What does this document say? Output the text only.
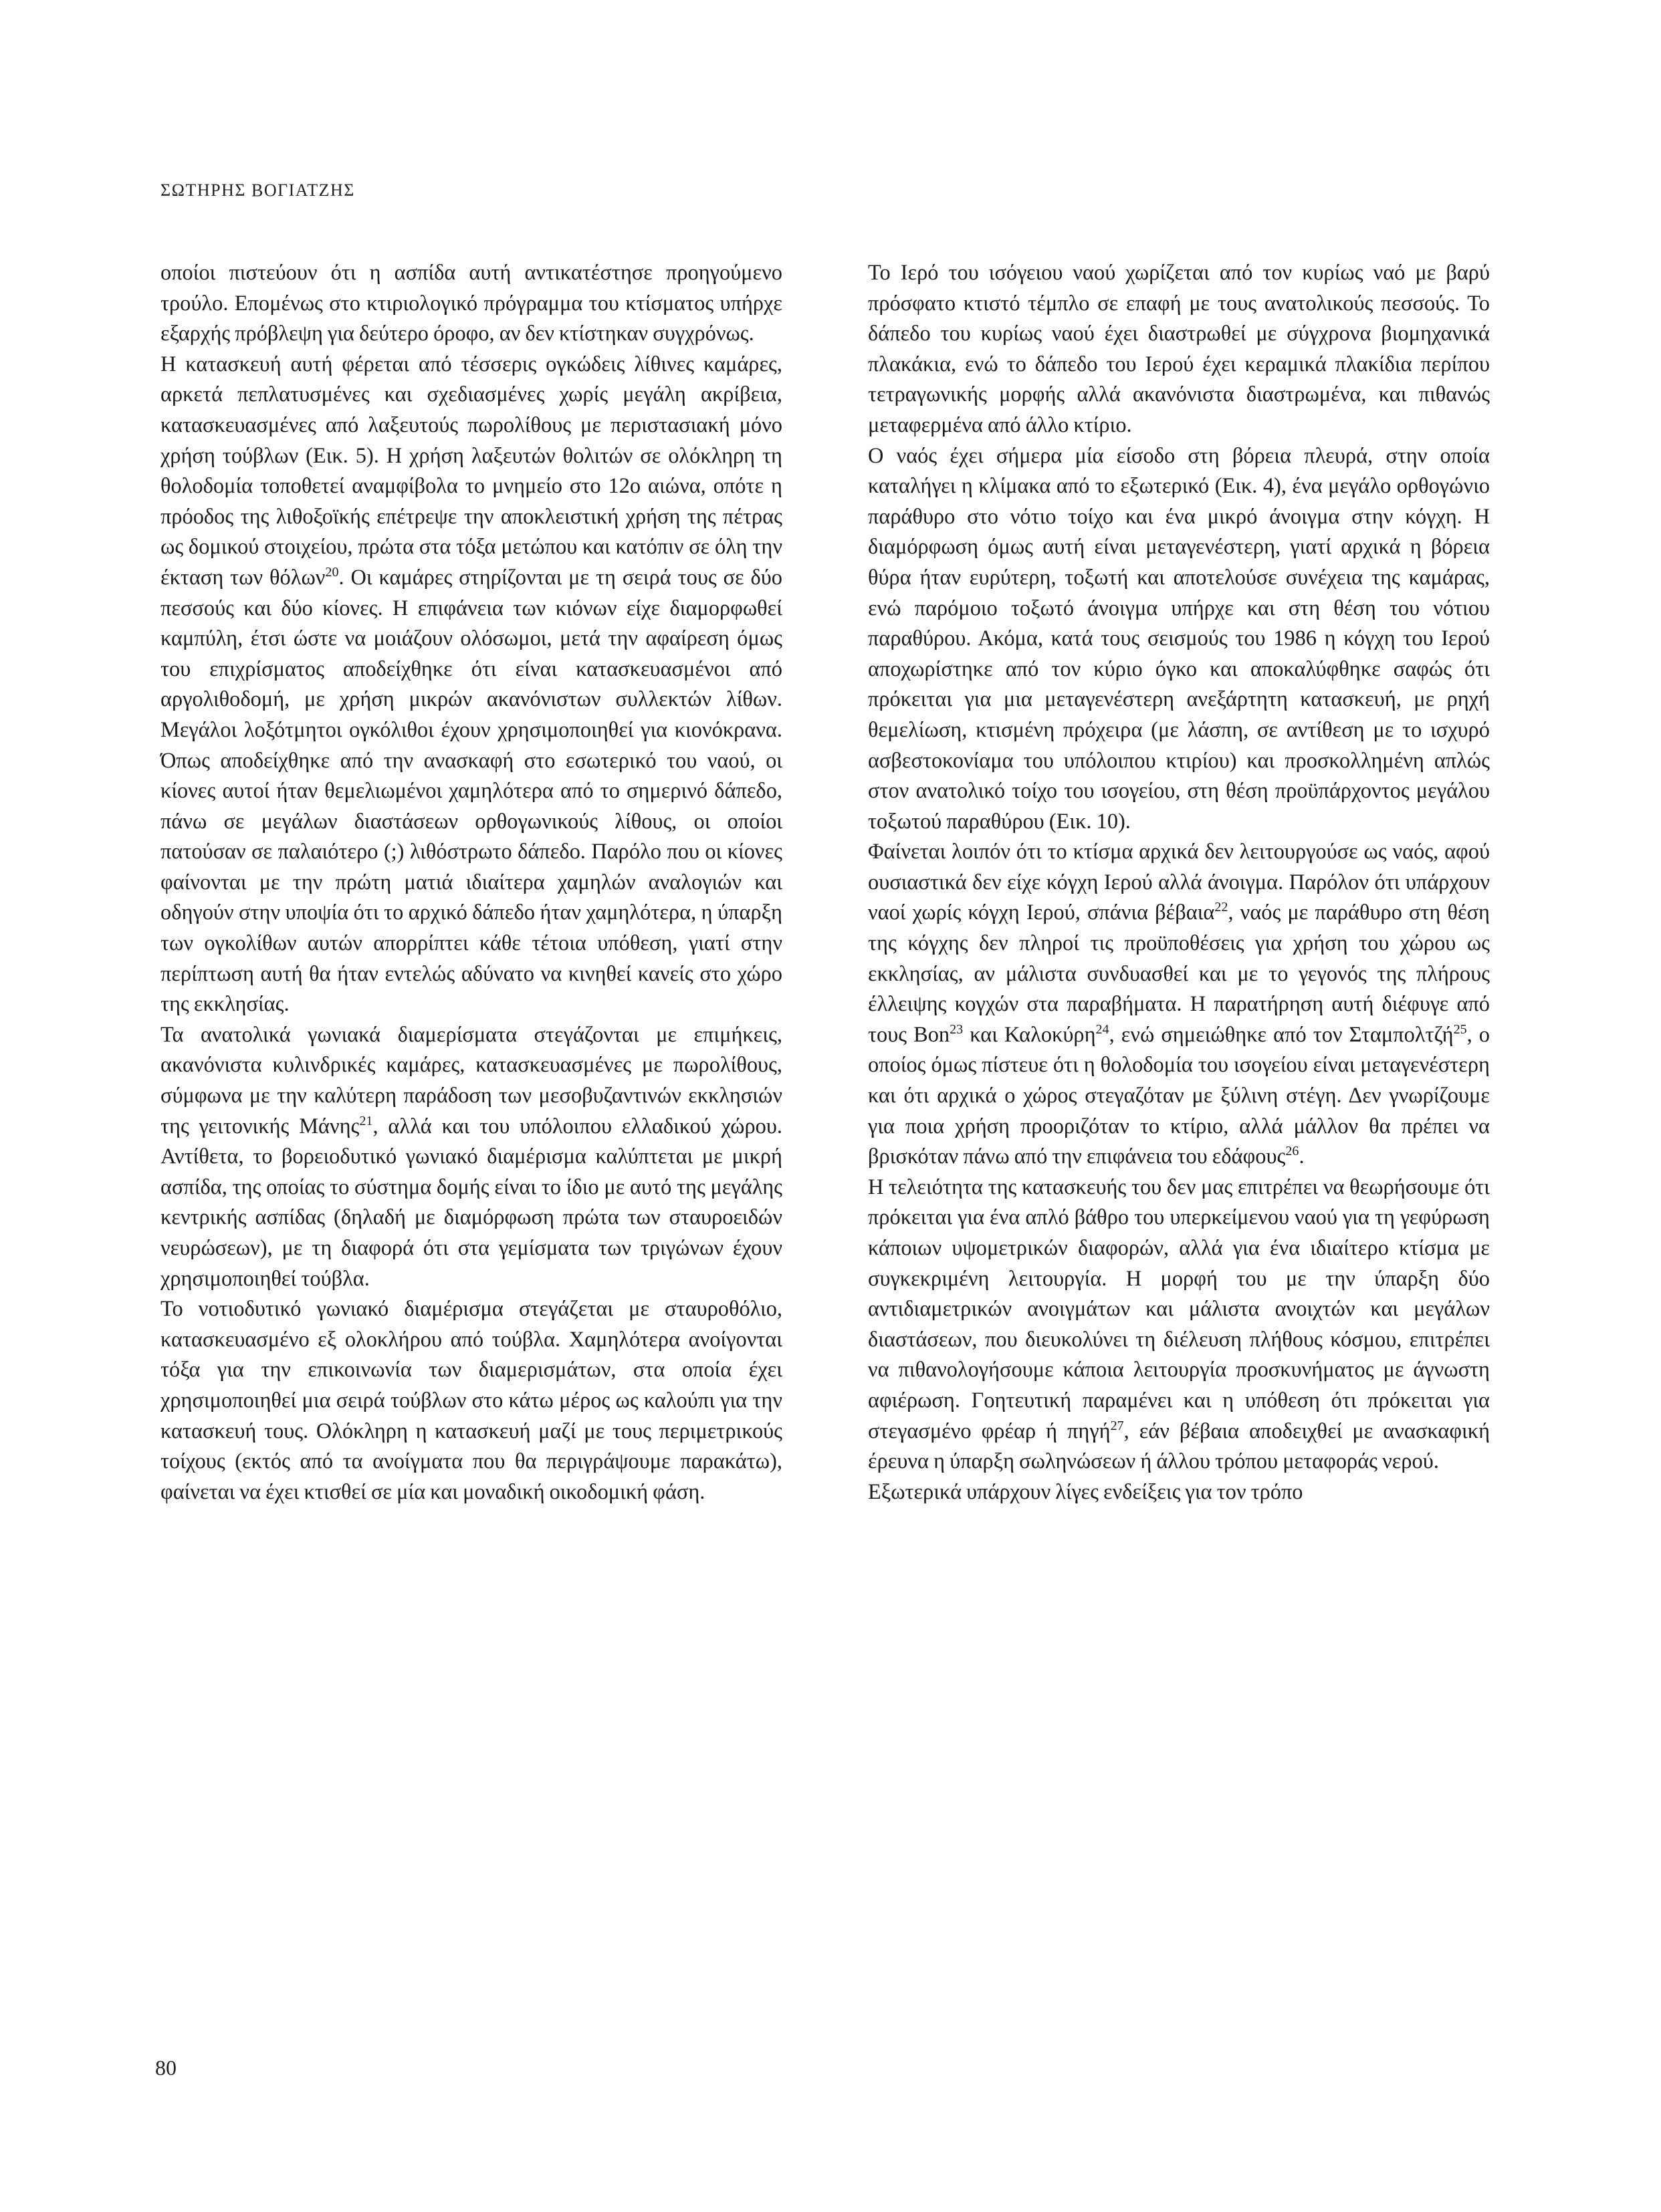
ΣΩΤΗΡΗΣ ΒΟΓΙΑΤΖΗΣ

οποίοι πιστεύουν ότι η ασπίδα αυτή αντικατέστησε προηγούμενο τρούλο. Επομένως στο κτιριολογικό πρόγραμμα του κτίσματος υπήρχε εξαρχής πρόβλεψη για δεύτερο όροφο, αν δεν κτίστηκαν συγχρόνως.

Η κατασκευή αυτή φέρεται από τέσσερις ογκώδεις λίθινες καμάρες, αρκετά πεπλατυσμένες και σχεδιασμένες χωρίς μεγάλη ακρίβεια, κατασκευασμένες από λαξευτούς πωρολίθους με περιστασιακή μόνο χρήση τούβλων (Εικ. 5). Η χρήση λαξευτών θολιτών σε ολόκληρη τη θολοδομία τοποθετεί αναμφίβολα το μνημείο στο 12ο αιώνα, οπότε η πρόοδος της λιθοξοϊκής επέτρεψε την αποκλειστική χρήση της πέτρας ως δομικού στοιχείου, πρώτα στα τόξα μετώπου και κατόπιν σε όλη την έκταση των θόλων$^{20}$. Οι καμάρες στηρίζονται με τη σειρά τους σε δύο πεσσούς και δύο κίονες. Η επιφάνεια των κιόνων είχε διαμορφωθεί καμπύλη, έτσι ώστε να μοιάζουν ολόσωμοι, μετά την αφαίρεση όμως του επιχρίσματος αποδείχθηκε ότι είναι κατασκευασμένοι από αργολιθοδομή, με χρήση μικρών ακανόνιστων συλλεκτών λίθων. Μεγάλοι λοξότμητοι ογκόλιθοι έχουν χρησιμοποιηθεί για κιονόκρανα. Όπως αποδείχθηκε από την ανασκαφή στο εσωτερικό του ναού, οι κίονες αυτοί ήταν θεμελιωμένοι χαμηλότερα από το σημερινό δάπεδο, πάνω σε μεγάλων διαστάσεων ορθογωνικούς λίθους, οι οποίοι πατούσαν σε παλαιότερο (;) λιθόστρωτο δάπεδο. Παρόλο που οι κίονες φαίνονται με την πρώτη ματιά ιδιαίτερα χαμηλών αναλογιών και οδηγούν στην υποψία ότι το αρχικό δάπεδο ήταν χαμηλότερα, η ύπαρξη των ογκολίθων αυτών απορρίπτει κάθε τέτοια υπόθεση, γιατί στην περίπτωση αυτή θα ήταν εντελώς αδύνατο να κινηθεί κανείς στο χώρο της εκκλησίας.

Τα ανατολικά γωνιακά διαμερίσματα στεγάζονται με επιμήκεις, ακανόνιστα κυλινδρικές καμάρες, κατασκευασμένες με πωρολίθους, σύμφωνα με την καλύτερη παράδοση των μεσοβυζαντινών εκκλησιών της γειτονικής Μάνης$^{21}$, αλλά και του υπόλοιπου ελλαδικού χώρου. Αντίθετα, το βορειοδυτικό γωνιακό διαμέρισμα καλύπτεται με μικρή ασπίδα, της οποίας το σύστημα δομής είναι το ίδιο με αυτό της μεγάλης κεντρικής ασπίδας (δηλαδή με διαμόρφωση πρώτα των σταυροειδών νευρώσεων), με τη διαφορά ότι στα γεμίσματα των τριγώνων έχουν χρησιμοποιηθεί τούβλα.

Το νοτιοδυτικό γωνιακό διαμέρισμα στεγάζεται με σταυροθόλιο, κατασκευασμένο εξ ολοκλήρου από τούβλα. Χαμηλότερα ανοίγονται τόξα για την επικοινωνία των διαμερισμάτων, στα οποία έχει χρησιμοποιηθεί μια σειρά τούβλων στο κάτω μέρος ως καλούπι για την κατασκευή τους. Ολόκληρη η κατασκευή μαζί με τους περιμετρικούς τοίχους (εκτός από τα ανοίγματα που θα περιγράψουμε παρακάτω), φαίνεται να έχει κτισθεί σε μία και μοναδική οικοδομική φάση.

Το Ιερό του ισόγειου ναού χωρίζεται από τον κυρίως ναό με βαρύ πρόσφατο κτιστό τέμπλο σε επαφή με τους ανατολικούς πεσσούς. Το δάπεδο του κυρίως ναού έχει διαστρωθεί με σύγχρονα βιομηχανικά πλακάκια, ενώ το δάπεδο του Ιερού έχει κεραμικά πλακίδια περίπου τετραγωνικής μορφής αλλά ακανόνιστα διαστρωμένα, και πιθανώς μεταφερμένα από άλλο κτίριο.

Ο ναός έχει σήμερα μία είσοδο στη βόρεια πλευρά, στην οποία καταλήγει η κλίμακα από το εξωτερικό (Εικ. 4), ένα μεγάλο ορθογώνιο παράθυρο στο νότιο τοίχο και ένα μικρό άνοιγμα στην κόγχη. Η διαμόρφωση όμως αυτή είναι μεταγενέστερη, γιατί αρχικά η βόρεια θύρα ήταν ευρύτερη, τοξωτή και αποτελούσε συνέχεια της καμάρας, ενώ παρόμοιο τοξωτό άνοιγμα υπήρχε και στη θέση του νότιου παραθύρου. Ακόμα, κατά τους σεισμούς του 1986 η κόγχη του Ιερού αποχωρίστηκε από τον κύριο όγκο και αποκαλύφθηκε σαφώς ότι πρόκειται για μια μεταγενέστερη ανεξάρτητη κατασκευή, με ρηχή θεμελίωση, κτισμένη πρόχειρα (με λάσπη, σε αντίθεση με το ισχυρό ασβεστοκονίαμα του υπόλοιπου κτιρίου) και προσκολλημένη απλώς στον ανατολικό τοίχο του ισογείου, στη θέση προϋπάρχοντος μεγάλου τοξωτού παραθύρου (Εικ. 10).

Φαίνεται λοιπόν ότι το κτίσμα αρχικά δεν λειτουργούσε ως ναός, αφού ουσιαστικά δεν είχε κόγχη Ιερού αλλά άνοιγμα. Παρόλον ότι υπάρχουν ναοί χωρίς κόγχη Ιερού, σπάνια βέβαια$^{22}$, ναός με παράθυρο στη θέση της κόγχης δεν πληροί τις προϋποθέσεις για χρήση του χώρου ως εκκλησίας, αν μάλιστα συνδυασθεί και με το γεγονός της πλήρους έλλειψης κογχών στα παραβήματα. Η παρατήρηση αυτή διέφυγε από τους Bon$^{23}$ και Καλοκύρη$^{24}$, ενώ σημειώθηκε από τον Σταμπολτζή$^{25}$, ο οποίος όμως πίστευε ότι η θολοδομία του ισογείου είναι μεταγενέστερη και ότι αρχικά ο χώρος στεγαζόταν με ξύλινη στέγη. Δεν γνωρίζουμε για ποια χρήση προοριζόταν το κτίριο, αλλά μάλλον θα πρέπει να βρισκόταν πάνω από την επιφάνεια του εδάφους$^{26}$.

Η τελειότητα της κατασκευής του δεν μας επιτρέπει να θεωρήσουμε ότι πρόκειται για ένα απλό βάθρο του υπερκείμενου ναού για τη γεφύρωση κάποιων υψομετρικών διαφορών, αλλά για ένα ιδιαίτερο κτίσμα με συγκεκριμένη λειτουργία. Η μορφή του με την ύπαρξη δύο αντιδιαμετρικών ανοιγμάτων και μάλιστα ανοιχτών και μεγάλων διαστάσεων, που διευκολύνει τη διέλευση πλήθους κόσμου, επιτρέπει να πιθανολογήσουμε κάποια λειτουργία προσκυνήματος με άγνωστη αφιέρωση. Γοητευτική παραμένει και η υπόθεση ότι πρόκειται για στεγασμένο φρέαρ ή πηγή$^{27}$, εάν βέβαια αποδειχθεί με ανασκαφική έρευνα η ύπαρξη σωληνώσεων ή άλλου τρόπου μεταφοράς νερού.

Εξωτερικά υπάρχουν λίγες ενδείξεις για τον τρόπο

80
